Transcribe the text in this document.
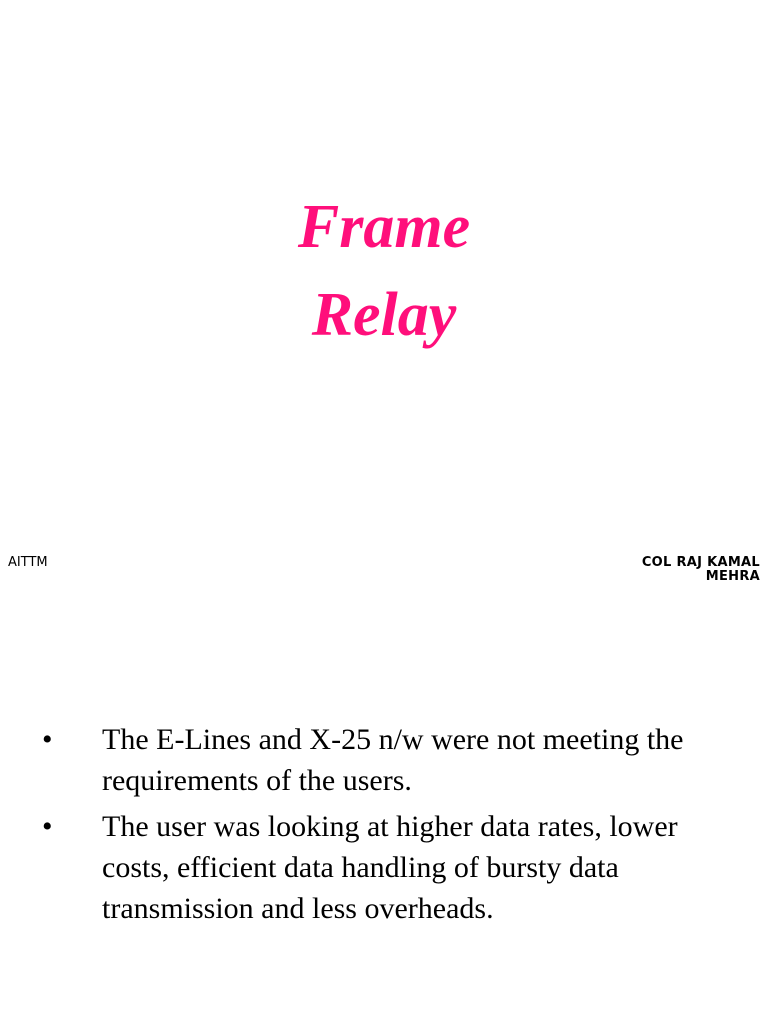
Frame
Relay
AITTM	COL RAJ KAMAL
MEHRA
• The E-Lines and X-25 n/w were not meeting the requirements of the users.
• The user was looking at higher data rates, lower costs, efficient data handling of bursty data transmission and less overheads.
